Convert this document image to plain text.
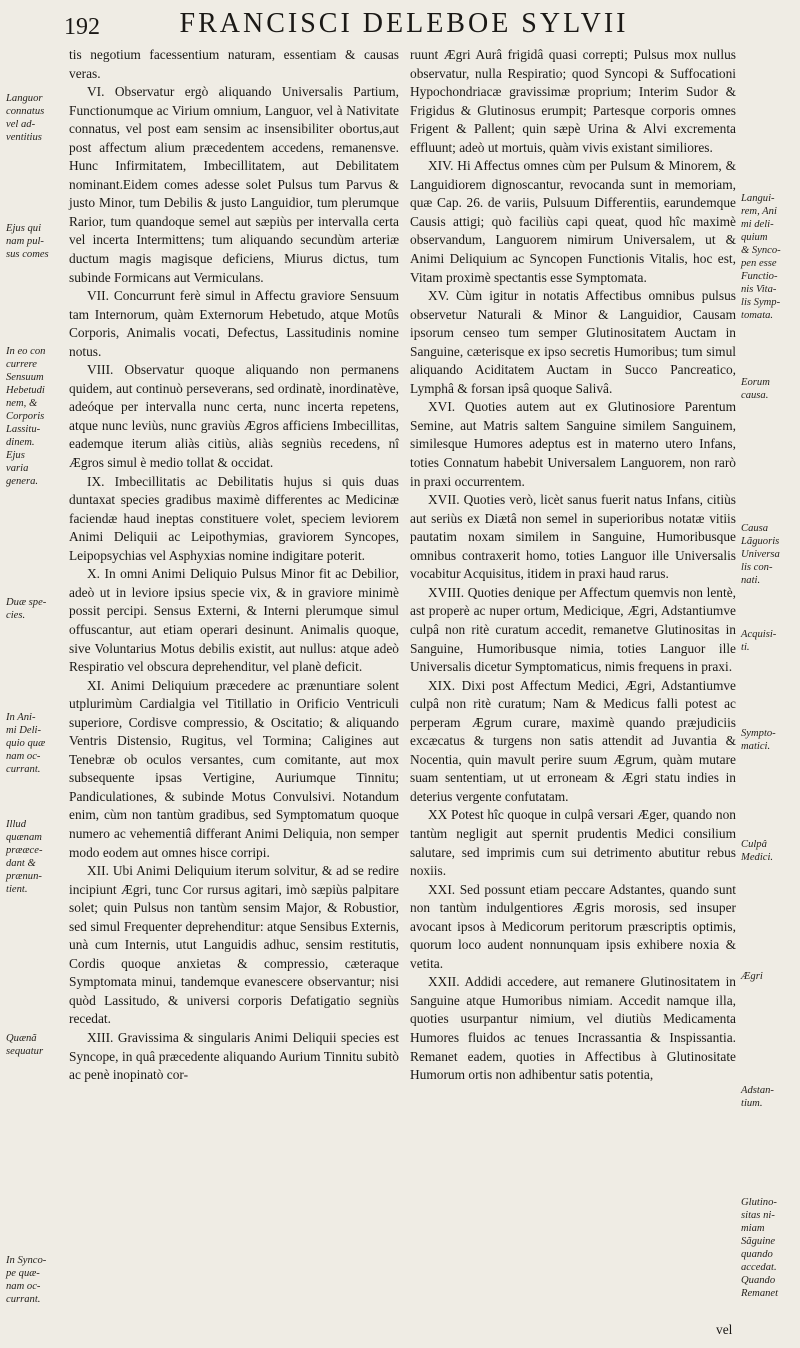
192	FRANCISCI DELEBOE SYLVII

tis negotium facessentium naturam, essentiam & causas veras.

VI. Observatur ergò aliquando Universalis Partium, Functionumque ac Virium omnium, Languor, vel à Nativitate connatus, vel post eam sensim ac insensibiliter obortus,aut post affectum alium præcedentem accedens, remanensve. Hunc Infirmitatem, Imbecillitatem, aut Debilitatem nominant.Eidem comes adesse solet Pulsus tum Parvus & justo Minor, tum Debilis & justo Languidior, tum plerumque Rarior, tum quandoque semel aut sæpiùs per intervalla certa vel incerta Intermittens; tum aliquando secundùm arteriæ ductum magis magisque deficiens, Miurus dictus, tum subinde Formicans aut Vermiculans.

VII. Concurrunt ferè simul in Affectu graviore Sensuum tam Internorum, quàm Externorum Hebetudo, atque Motûs Corporis, Animalis vocati, Defectus, Lassitudinis nomine notus.

VIII. Observatur quoque aliquando non permanens quidem, aut continuò perseverans, sed ordinatè, inordinatève, adeóque per intervalla nunc certa, nunc incerta repetens, atque nunc leviùs, nunc graviùs Ægros afficiens Imbecillitas, eademque iterum aliàs citiùs, aliàs segniùs recedens, nî Ægros simul è medio tollat & occidat.

IX. Imbecillitatis ac Debilitatis hujus si quis duas duntaxat species gradibus maximè differentes ac Medicinæ faciendæ haud ineptas constituere volet, speciem leviorem Animi Deliquii ac Leipothymias, graviorem Syncopes, Leipopsychias vel Asphyxias nomine indigitare poterit.

X. In omni Animi Deliquio Pulsus Minor fit ac Debilior, adeò ut in leviore ipsius specie vix, & in graviore minimè possit percipi. Sensus Externi, & Interni plerumque simul offuscantur, aut etiam operari desinunt. Animalis quoque, sive Voluntarius Motus debilis existit, aut nullus: atque adeò Respiratio vel obscura deprehenditur, vel planè deficit.

XI. Animi Deliquium præcedere ac prænuntiare solent utplurimùm Cardialgia vel Titillatio in Orificio Ventriculi superiore, Cordisve compressio, & Oscitatio; & aliquando Ventris Distensio, Rugitus, vel Tormina; Caligines aut Tenebræ ob oculos versantes, cum comitante, aut mox subsequente ipsas Vertigine, Auriumque Tinnitu; Pandiculationes, & subinde Motus Convulsivi. Notandum enim, cùm non tantùm gradibus, sed Symptomatum quoque numero ac vehementiâ differant Animi Deliquia, non semper modo eodem aut omnes hisce corripi.

XII. Ubi Animi Deliquium iterum solvitur, & ad se redire incipiunt Ægri, tunc Cor rursus agitari, imò sæpiùs palpitare solet; quin Pulsus non tantùm sensim Major, & Robustior, sed simul Frequenter deprehenditur: atque Sensibus Externis, unà cum Internis, utut Languidis adhuc, sensim restitutis, Cordis quoque anxietas & compressio, cæteraque Symptomata minui, tandemque evanescere observantur; nisi quòd Lassitudo, & universi corporis Defatigatio segniùs recedat.

XIII. Gravissima & singularis Animi Deliquii species est Syncope, in quâ præcedente aliquando Aurium Tinnitu subitò ac penè inopinatò cor-

ruunt Ægri Aurâ frigidâ quasi correpti; Pulsus mox nullus observatur, nulla Respiratio; quod Syncopi & Suffocationi Hypochondriacæ gravissimæ proprium; Interim Sudor & Frigidus & Glutinosus erumpit; Partesque corporis omnes Frigent & Pallent; quin sæpè Urina & Alvi excrementa effluunt; adeò ut mortuis, quàm vivis existant similiores.

XIV. Hi Affectus omnes cùm per Pulsum & Minorem, & Languidiorem dignoscantur, revocanda sunt in memoriam, quæ Cap. 26. de variis, Pulsuum Differentiis, earundemque Causis attigi; quò faciliùs capi queat, quod hîc maximè observandum, Languorem nimirum Universalem, ut & Animi Deliquium ac Syncopen Functionis Vitalis, hoc est, Vitam proximè spectantis esse Symptomata.

XV. Cùm igitur in notatis Affectibus omnibus pulsus observetur Naturali & Minor & Languidior, Causam ipsorum censeo tum semper Glutinositatem Auctam in Sanguine, cæterisque ex ipso secretis Humoribus; tum simul aliquando Aciditatem Auctam in Succo Pancreatico, Lymphâ & forsan ipsâ quoque Salivâ.

XVI. Quoties autem aut ex Glutinosiore Parentum Semine, aut Matris saltem Sanguine similem Sanguinem, similesque Humores adeptus est in materno utero Infans, toties Connatum habebit Universalem Languorem, non rarò in praxi occurrentem.

XVII. Quoties verò, licèt sanus fuerit natus Infans, citiùs aut seriùs ex Diætâ non semel in superioribus notatæ vitiis pautatim noxam similem in Sanguine, Humoribusque omnibus contraxerit homo, toties Languor ille Universalis vocabitur Acquisitus, itidem in praxi haud rarus.

XVIII. Quoties denique per Affectum quemvis non lentè, ast properè ac nuper ortum, Medicique, Ægri, Adstantiumve culpâ non ritè curatum accedit, remanetve Glutinositas in Sanguine, Humoribusque nimia, toties Languor ille Universalis dicetur Symptomaticus, nimis frequens in praxi.

XIX. Dixi post Affectum Medici, Ægri, Adstantiumve culpâ non ritè curatum; Nam & Medicus falli potest ac perperam Ægrum curare, maximè quando præjudiciis excæcatus & turgens non satis attendit ad Juvantia & Nocentia, quin mavult perire suum Ægrum, quàm mutare suam sententiam, ut ut erroneam & Ægri statu indies in deterius vergente confutatam.

XX Potest hîc quoque in culpâ versari Æger, quando non tantùm negligit aut spernit prudentis Medici consilium salutare, sed imprimis cum sui detrimento abutitur rebus noxiis.

XXI. Sed possunt etiam peccare Adstantes, quando sunt non tantùm indulgentiores Ægris morosis, sed insuper avocant ipsos à Medicorum peritorum præscriptis optimis, quorum loco audent nonnunquam ipsis exhibere noxia & vetita.

XXII. Addidi accedere, aut remanere Glutinositatem in Sanguine atque Humoribus nimiam. Accedit namque illa, quoties usurpantur nimium, vel diutiùs Medicamenta Humores fluidos ac tenues Incrassantia & Inspissantia. Remanet eadem, quoties in Affectibus à Glutinositate Humorum ortis non adhibentur satis potentia,

Languor
connatus
vel ad-
ventitius
Ejus qui
nam pul-
sus comes
In eo con
currere
Sensuum
Hebetudi
nem, &
Corporis
Lassitu-
dinem.
Ejus
varia
genera.
Duæ spe-
cies.
In Ani-
mi Deli-
quio quæ
nam oc-
currant.
Illud
quænam
prææce-
dant &
prænun-
tient.
Quænã
sequatur
In Synco-
pe quæ-
nam oc-
currant.
Langui-
rem, Ani
mi deli-
quium
& Synco-
pen esse
Functio-
nis Vita-
lis Symp-
tomata.
Eorum
causa.
Causa
Lãguoris
Universa
lis con-
nati.
Acquisi-
ti.
Sympto-
matici.
Culpâ
Medici.
Ægri
Adstan-
tium.
Glutino-
sitas ni-
miam
Sãguine
quando
accedat.
Quando
Remanet
vel
